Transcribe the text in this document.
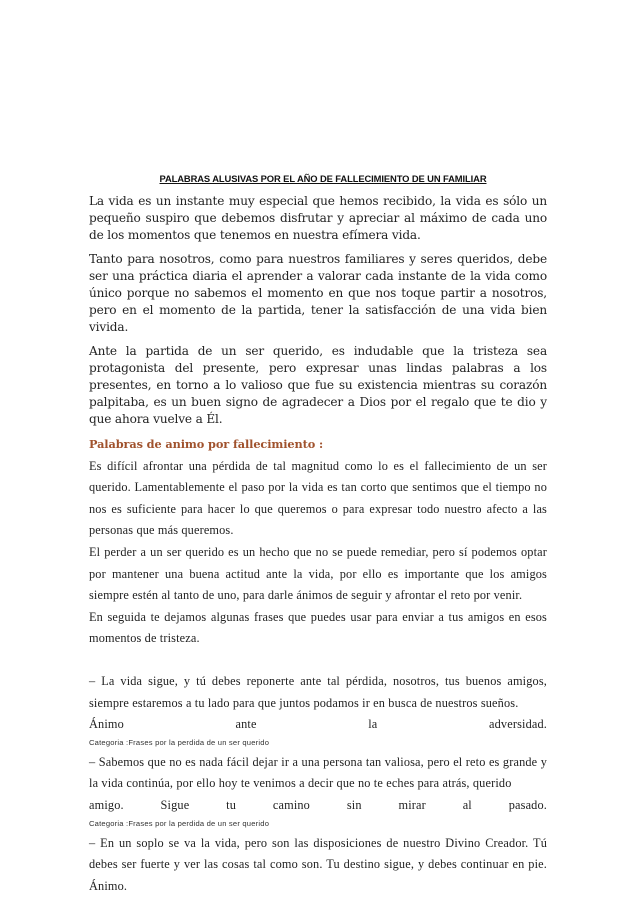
PALABRAS ALUSIVAS POR EL AÑO DE FALLECIMIENTO DE UN FAMILIAR

La vida es un instante muy especial que hemos recibido, la vida es sólo un pequeño suspiro que debemos disfrutar y apreciar al máximo de cada uno de los momentos que tenemos en nuestra efímera vida.

Tanto para nosotros, como para nuestros familiares y seres queridos, debe ser una práctica diaria el aprender a valorar cada instante de la vida como único porque no sabemos el momento en que nos toque partir a nosotros, pero en el momento de la partida, tener la satisfacción de una vida bien vivida.

Ante la partida de un ser querido, es indudable que la tristeza sea protagonista del presente, pero expresar unas lindas palabras a los presentes, en torno a lo valioso que fue su existencia mientras su corazón palpitaba, es un buen signo de agradecer a Dios por el regalo que te dio y que ahora vuelve a Él.

Palabras de animo por fallecimiento :

Es difícil afrontar una pérdida de tal magnitud como lo es el fallecimiento de un ser querido. Lamentablemente el paso por la vida es tan corto que sentimos que el tiempo no nos es suficiente para hacer lo que queremos o para expresar todo nuestro afecto a las personas que más queremos.

El perder a un ser querido es un hecho que no se puede remediar, pero sí podemos optar por mantener una buena actitud ante la vida, por ello es importante que los amigos siempre estén al tanto de uno, para darle ánimos de seguir y afrontar el reto por venir.

En seguida te dejamos algunas frases que puedes usar para enviar a tus amigos en esos momentos de tristeza.

– La vida sigue, y tú debes reponerte ante tal pérdida, nosotros, tus buenos amigos, siempre estaremos a tu lado para que juntos podamos ir en busca de nuestros sueños.
Ánimo ante la adversidad.

Categoria :Frases por la perdida de un ser querido

– Sabemos que no es nada fácil dejar ir a una persona tan valiosa, pero el reto es grande y la vida continúa, por ello hoy te venimos a decir que no te eches para atrás, querido
amigo. Sigue tu camino sin mirar al pasado.

Categoria :Frases por la perdida de un ser querido

– En un soplo se va la vida, pero son las disposiciones de nuestro Divino Creador. Tú debes ser fuerte y ver las cosas tal como son. Tu destino sigue, y debes continuar en pie. Ánimo.
